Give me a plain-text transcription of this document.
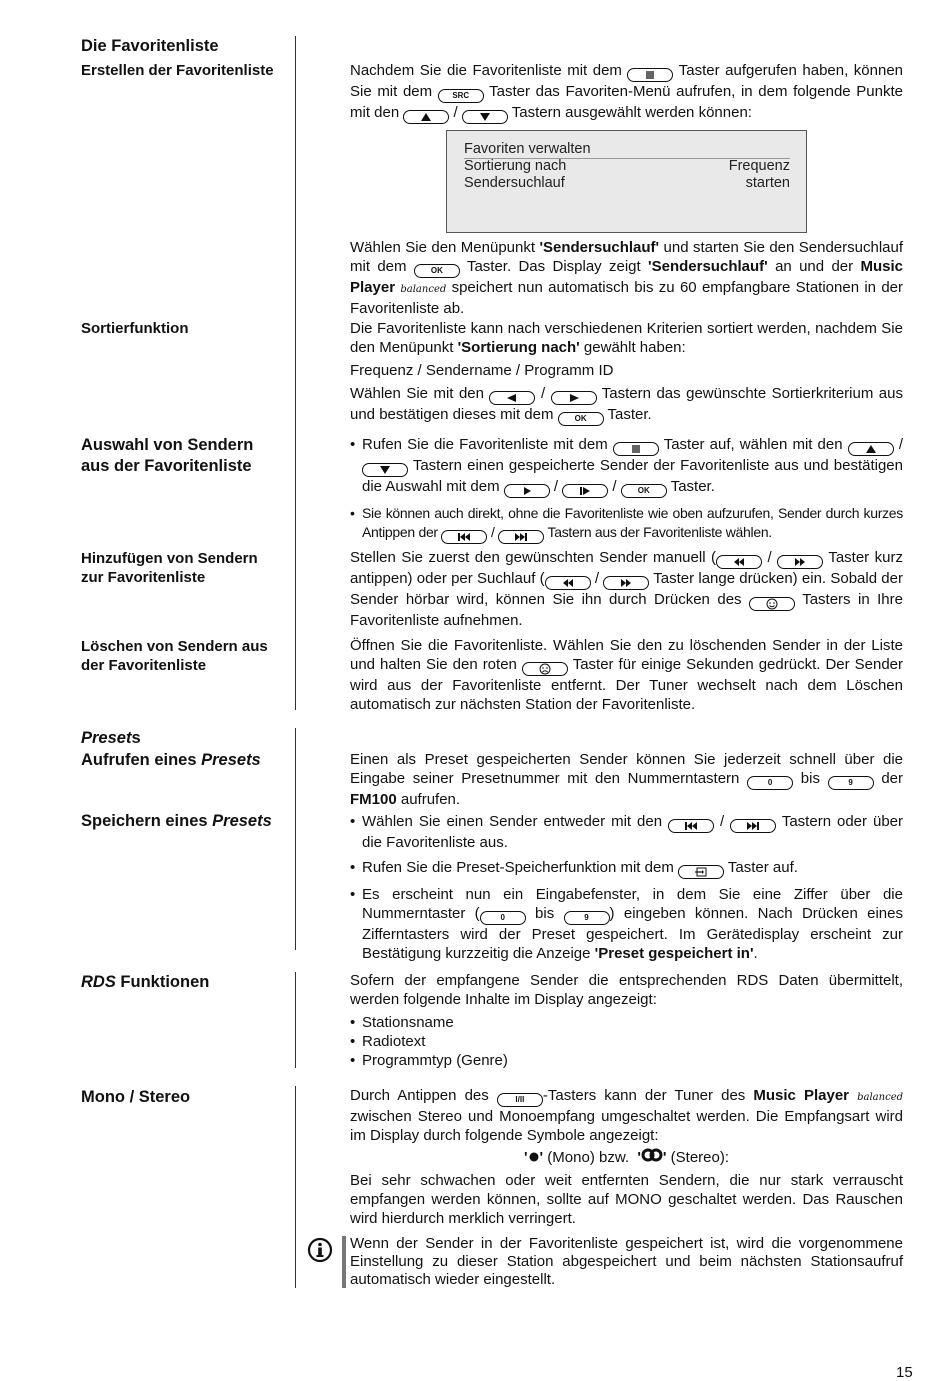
Die Favoritenliste
Erstellen der Favoritenliste	Nachdem Sie die Favoritenliste mit dem	Taster aufgerufen haben, können Sie mit dem	SRC Taster das Favoriten-Menü aufrufen, in dem folgende Punkte mit den	/	Tastern ausgewählt werden können:

Favoriten verwalten
Sortierung nach	Frequenz
Sendersuchlauf	starten

Wählen Sie den Menüpunkt 'Sendersuchlauf' und starten Sie den Sendersuchlauf mit dem	OK Taster. Das Display zeigt 'Sendersuchlauf' an und der Music Player balanced speichert nun automatisch bis zu 60 empfangbare Stationen in der Favoritenliste ab.

Sortierfunktion	Die Favoritenliste kann nach verschiedenen Kriterien sortiert werden, nachdem Sie den Menüpunkt 'Sortierung nach' gewählt haben:

Frequenz / Sendername / Programm ID

Wählen Sie mit den	/	Tastern das gewünschte Sortierkriterium aus und bestätigen dieses mit dem	OK Taster.

Auswahl von Sendern
aus der Favoritenliste
• Rufen Sie die Favoritenliste mit dem	Taster auf, wählen mit den	/  Tastern einen gespeicherte Sender der Favoritenliste aus und bestätigen die Auswahl mit dem	/	/ OK Taster.
• Sie können auch direkt, ohne die Favoritenliste wie oben aufzurufen, Sender durch kurzes Antippen der	/	Tastern aus der Favoritenliste wählen.
Hinzufügen von Sendern
zur Favoritenliste

Stellen Sie zuerst den gewünschten Sender manuell (	/	Taster kurz antippen) oder per Suchlauf (	/	Taster lange drücken) ein. Sobald der Sender hörbar wird, können Sie ihn durch Drücken des	Tasters in Ihre Favoritenliste aufnehmen.

Löschen von Sendern aus
der Favoritenliste

Öffnen Sie die Favoritenliste. Wählen Sie den zu löschenden Sender in der Liste und halten Sie den roten	Taster für einige Sekunden gedrückt. Der Sender wird aus der Favoritenliste entfernt. Der Tuner wechselt nach dem Löschen automatisch zur nächsten Station der Favoritenliste.

Presets
Aufrufen eines Presets	Einen als Preset gespeicherten Sender können Sie jederzeit schnell über die Eingabe seiner Presetnummer mit den Nummerntastern	0 bis	9 der FM100 aufrufen.

Speichern eines Presets
•	Wählen Sie einen Sender entweder mit den	/	Tastern oder über die Favoritenliste aus.
• Rufen Sie die Preset-Speicherfunktion mit dem	Taster auf.
• Es erscheint nun ein Eingabefenster, in dem Sie eine Ziffer über die Nummerntaster (	0 bis	9 ) eingeben können. Nach Drücken eines Zifferntasters wird der Preset gespeichert. Im Gerätedisplay erscheint zur Bestätigung kurzzeitig die Anzeige 'Preset gespeichert in'.
RDS Funktionen	Sofern der empfangene Sender die entsprechenden RDS Daten übermittelt, werden folgende Inhalte im Display angezeigt:

• Stationsname
• Radiotext
• Programmtyp (Genre)
Mono / Stereo	Durch Antippen des	I/II -Tasters kann der Tuner des Music Player balanced zwischen Stereo und Monoempfang umgeschaltet werden. Die Empfangsart wird im Display durch folgende Symbole angezeigt:

' ' (Mono) bzw. ' ' (Stereo):

Bei sehr schwachen oder weit entfernten Sendern, die nur stark verrauscht empfangen werden können, sollte auf MONO geschaltet werden. Das Rauschen wird hierdurch merklich verringert.

Wenn der Sender in der Favoritenliste gespeichert ist, wird die vorgenommene Einstellung zu dieser Station abgespeichert und beim nächsten Stationsaufruf automatisch wieder eingestellt.
15
